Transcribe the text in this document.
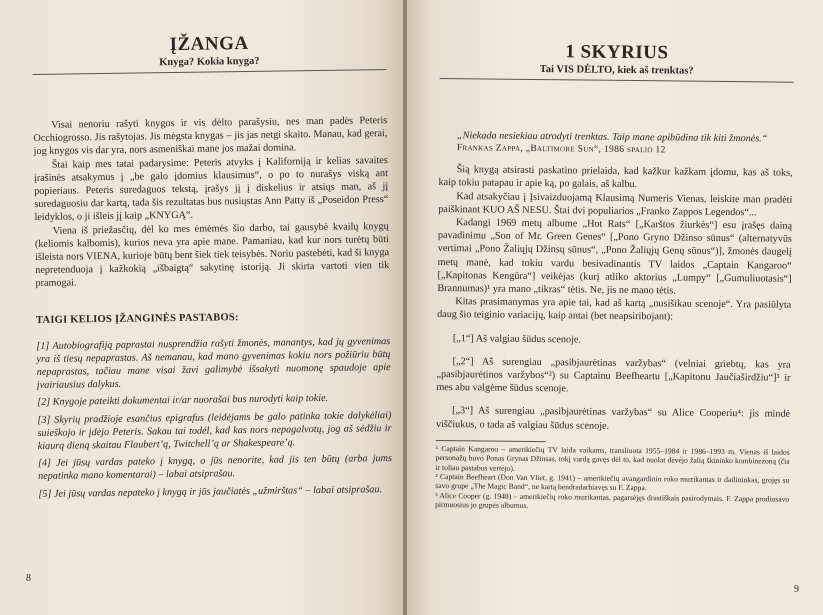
ĮŽANGA
Knyga? Kokia knyga?

Visai nenoriu rašyti knygos ir vis dėlto parašysiu, nes man padės Peteris Occhiogrosso. Jis rašytojas. Jis mėgsta knygas – jis jas netgi skaito. Manau, kad gerai, jog knygos vis dar yra, nors asmeniškai mane jos mažai domina.

Štai kaip mes tatai padarysime: Peteris atvyks į Kaliforniją ir kelias savaites įrašinės atsakymus į „be galo įdomius klausimus“, o po to nurašys viską ant popieriaus. Peteris suredaguos tekstą, įrašys jį į diskelius ir atsiųs man, aš jį suredaguosiu dar kartą, tada šis rezultatas bus nusiųstas Ann Patty iš „Poseidon Press“ leidyklos, o ji išleis jį kaip „KNYGĄ“.

Viena iš priežasčių, dėl ko mes ėmėmės šio darbo, tai gausybė kvailų knygų (keliomis kalbomis), kurios neva yra apie mane. Pamaniau, kad kur nors turėtų būti išleista nors VIENA, kurioje būtų bent šiek tiek teisybės. Noriu pastebėti, kad ši knyga nepretenduoja į kažkokią „išbaigtą“ sakytinę istoriją. Ji skirta vartoti vien tik pramogai.

TAIGI KELIOS ĮŽANGINĖS PASTABOS:

[1] Autobiografiją paprastai nusprendžia rašyti žmonės, manantys, kad jų gyvenimas yra iš tiesų nepaprastas. Aš nemanau, kad mano gyvenimas kokiu nors požiūriu būtų nepaprastas, tačiau mane visai žavi galimybė išsakyti nuomonę spaudoje apie įvairiausius dalykus.

[2] Knygoje pateikti dokumentai ir/ar nuorašai bus nurodyti kaip tokie.

[3] Skyrių pradžioje esančius epigrafus (leidėjams be galo patinka tokie dalykėliai) suieškojo ir įdėjo Peteris. Sakau tai todėl, kad kas nors nepagalvotų, jog aš sėdžiu ir kiaurą dieną skaitau Flaubert’ą, Twitchell’ą ar Shakespeare’ą.

[4] Jei jūsų vardas pateko į knygą, o jūs nenorite, kad jis ten būtų (arba jums nepatinka mano komentarai) – labai atsiprašau.

[5] Jei jūsų vardas nepateko į knygą ir jūs jaučiatės „užmirštas“ – labai atsiprašau.

8
1 SKYRIUS
Tai VIS DĖLTO, kiek aš trenktas?

„Niekada nesiekiau atrodyti trenktas. Taip mane apibūdina tik kiti žmonės.“

Frankas Zappa, „Baltimore Sun“, 1986 spalio 12

Šią knygą atsirasti paskatino prielaida, kad kažkur kažkam įdomu, kas aš toks, kaip tokiu patapau ir apie ką, po galais, aš kalbu.

Kad atsakyčiau į Įsivaizduojamą Klausimą Numeris Vienas, leiskite man pradėti paiškinant KUO AŠ NESU. Štai dvi populiarios „Franko Zappos Legendos“...

Kadangi 1969 metų albume „Hot Rats“ [„Karštos žiurkės“] esu įrašęs dainą pavadinimu „Son of Mr. Green Genes“ [„Pono Gryno Džinso sūnus“ (alternatyvūs vertimai „Pono Žaliųjų Džinsų sūnus“, „Pono Žaliųjų Genų sūnus“)], žmonės daugelį metų manė, kad tokiu vardu besivadinantis TV laidos „Captain Kangaroo“ [„Kapitonas Kengūra“] veikėjas (kurį atliko aktorius „Lumpy“ [„Gumuliuotasis“] Brannumas)¹ yra mano „tikras“ tėtis. Ne, jis ne mano tėtis.

Kitas prasimanymas yra apie tai, kad aš kartą „nusišikau scenoje“. Yra pasiūlyta daug šio teiginio variacijų, kaip antai (bet neapsiribojant):

[„1“] Aš valgiau šūdus scenoje.

[„2“] Aš surengiau „pasibjaurėtinas varžybas“ (velniai griebtų, kas yra „pasibjaurėtinos varžybos“²) su Captainu Beefheartu [„Kapitonu Jaučiaširdžiu“]³ ir mes abu valgėme šūdus scenoje.

[„3“] Aš surengiau „pasibjaurėtinas varžybas“ su Alice Cooperiu⁴: jis mindė viščiukus, o tada aš valgiau šūdus scenoje.

¹ Captain Kangaroo – amerikiečių TV laida vaikams, transliuota 1955–1984 ir 1986–1993 m. Vienas iš laidos personažų buvo Ponas Grynas Džinsas, tokį vardą gavęs dėl to, kad nuolat dėvėjo žalią škininko kombinezoną (čia ir toliau pastabos vertėjo).

² Captain Beefheart (Don Van Vliet, g. 1941) – amerikiečių avangardinio roko muzikantas ir dailininkas, grojęs su savo grupe „The Magic Band“, ne kartą bendradarbiavęs su F. Zappa.

³ Alice Cooper (g. 1948) – amerikiečių roko muzikantas, pagarsėjęs drastiškais pasirodymais. F. Zappa prodiusavo pirmuosius jo grupės albumus.

9
